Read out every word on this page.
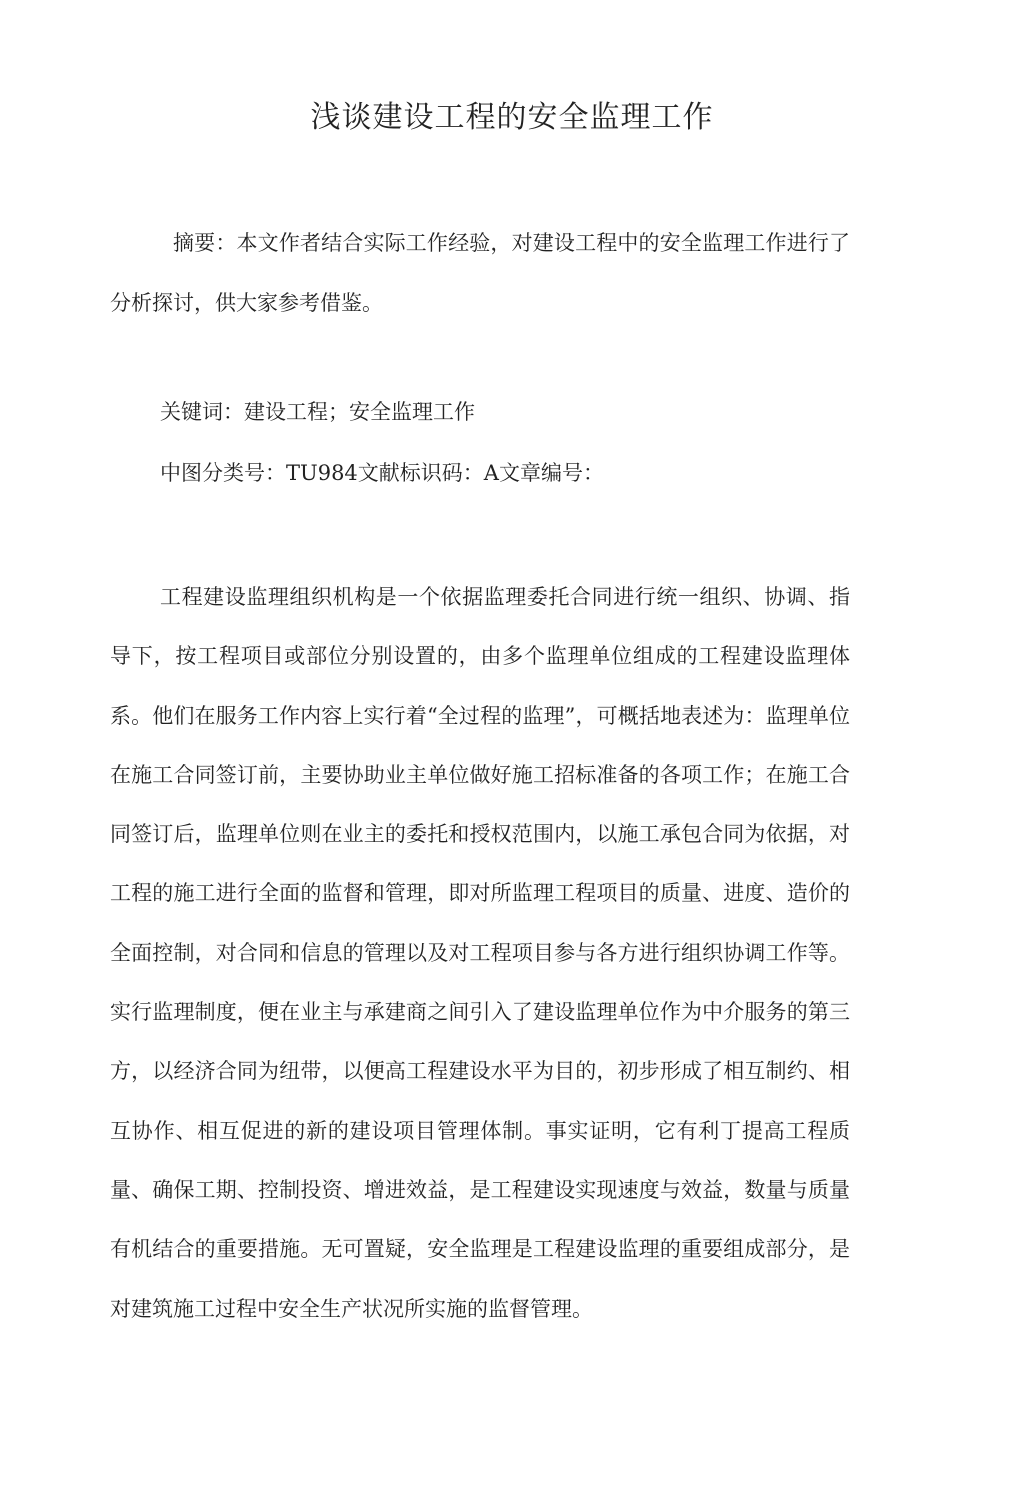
浅谈建设工程的安全监理工作

摘要：本文作者结合实际工作经验，对建设工程中的安全监理工作进行了分析探讨，供大家参考借鉴。

关键词：建设工程；安全监理工作

中图分类号：TU984文献标识码：A文章编号：

工程建设监理组织机构是一个依据监理委托合同进行统一组织、协调、指导下，按工程项目或部位分别设置的，由多个监理单位组成的工程建设监理体系。他们在服务工作内容上实行着“全过程的监理”，可概括地表述为：监理单位在施工合同签订前，主要协助业主单位做好施工招标准备的各项工作；在施工合同签订后，监理单位则在业主的委托和授权范围内，以施工承包合同为依据，对工程的施工进行全面的监督和管理，即对所监理工程项目的质量、进度、造价的全面控制，对合同和信息的管理以及对工程项目参与各方进行组织协调工作等。实行监理制度，便在业主与承建商之间引入了建设监理单位作为中介服务的第三方，以经济合同为纽带，以便高工程建设水平为目的，初步形成了相互制约、相互协作、相互促进的新的建设项目管理体制。事实证明，它有利丁提高工程质量、确保工期、控制投资、增进效益，是工程建设实现速度与效益，数量与质量有机结合的重要措施。无可置疑，安全监理是工程建设监理的重要组成部分，是对建筑施工过程中安全生产状况所实施的监督管理。
